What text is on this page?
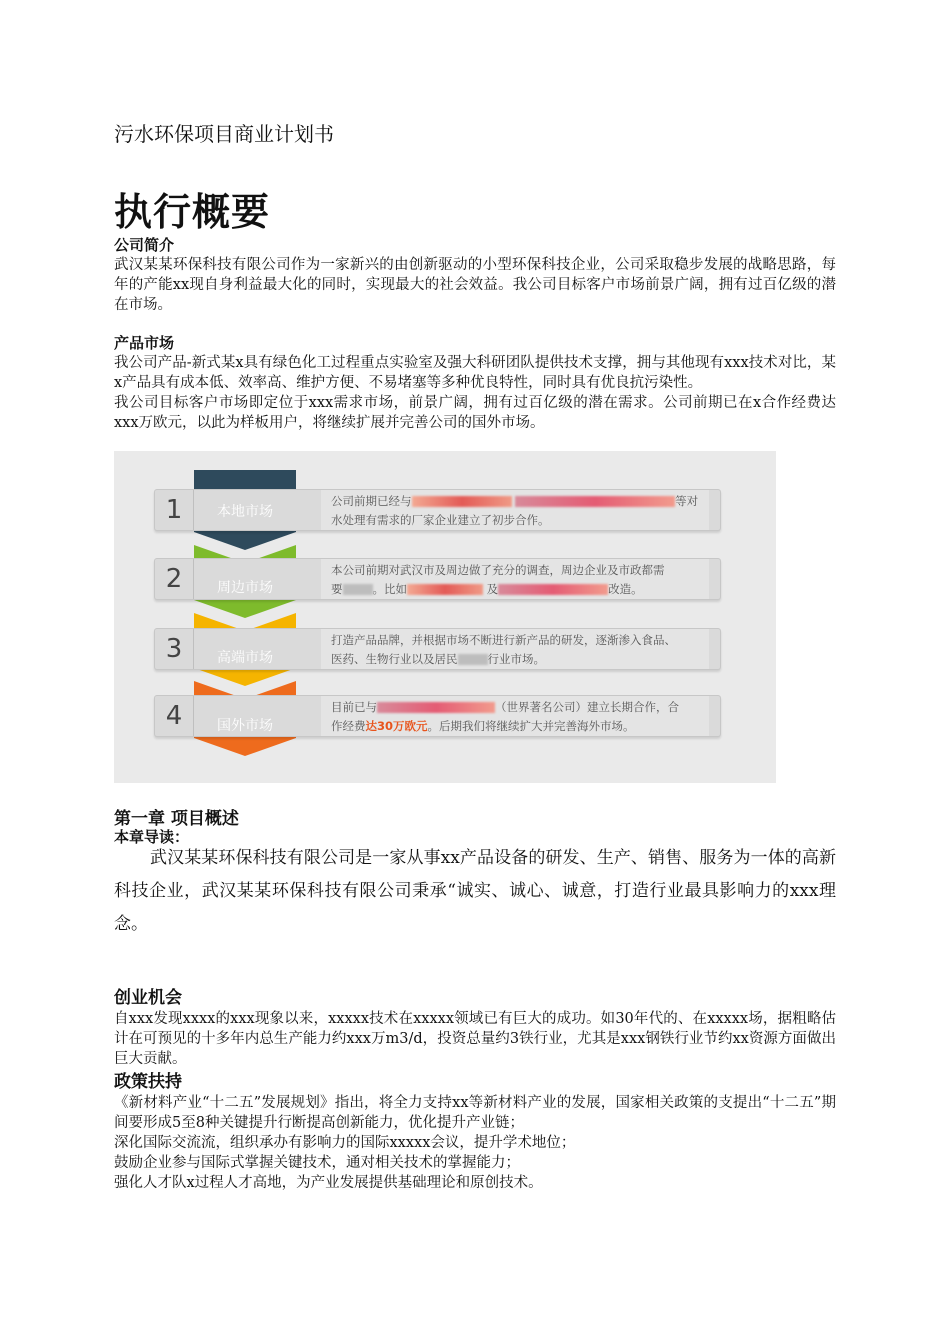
污水环保项目商业计划书
执行概要
公司简介
武汉某某环保科技有限公司作为一家新兴的由创新驱动的小型环保科技企业，公司采取稳步发展的战略思路，每年的产能xx现自身利益最大化的同时，实现最大的社会效益。我公司目标客户市场前景广阔，拥有过百亿级的潜在市场。
产品市场
我公司产品-新式某x具有绿色化工过程重点实验室及强大科研团队提供技术支撑，拥与其他现有xxx技术对比，某x产品具有成本低、效率高、维护方便、不易堵塞等多种优良特性，同时具有优良抗污染性。
我公司目标客户市场即定位于xxx需求市场，前景广阔，拥有过百亿级的潜在需求。公司前期已在x合作经费达xxx万欧元，以此为样板用户，将继续扩展并完善公司的国外市场。
1	公司前期已经与	等对
水处理有需求的厂家企业建立了初步合作。
本地市场
2	本公司前期对武汉市及周边做了充分的调查，周边企业及市政都需
要	。比如	及	改造。
周边市场
3	打造产品品牌，并根据市场不断进行新产品的研发，逐渐渗入食品、
医药、生物行业以及居民	行业市场。
高端市场
4	目前已与	（世界著名公司）建立长期合作，合
作经费达30万欧元。后期我们将继续扩大并完善海外市场。
国外市场
第一章 项目概述
本章导读：
武汉某某环保科技有限公司是一家从事xx产品设备的研发、生产、销售、服务为一体的高新科技企业，武汉某某环保科技有限公司秉承“诚实、诚心、诚意，打造行业最具影响力的xxx理念。
创业机会
自xxx发现xxxx的xxx现象以来，xxxxx技术在xxxxx领域已有巨大的成功。如30年代的、在xxxxx场，据粗略估计在可预见的十多年内总生产能力约xxx万m3/d，投资总量约3铁行业，尤其是xxx钢铁行业节约xx资源方面做出巨大贡献。
政策扶持
《新材料产业“十二五”发展规划》指出，将全力支持xx等新材料产业的发展，国家相关政策的支提出“十二五”期间要形成5至8种关键提升行断提高创新能力，优化提升产业链；
深化国际交流流，组织承办有影响力的国际xxxxx会议，提升学术地位；
鼓励企业参与国际式掌握关键技术，通对相关技术的掌握能力；
强化人才队x过程人才高地，为产业发展提供基础理论和原创技术。
